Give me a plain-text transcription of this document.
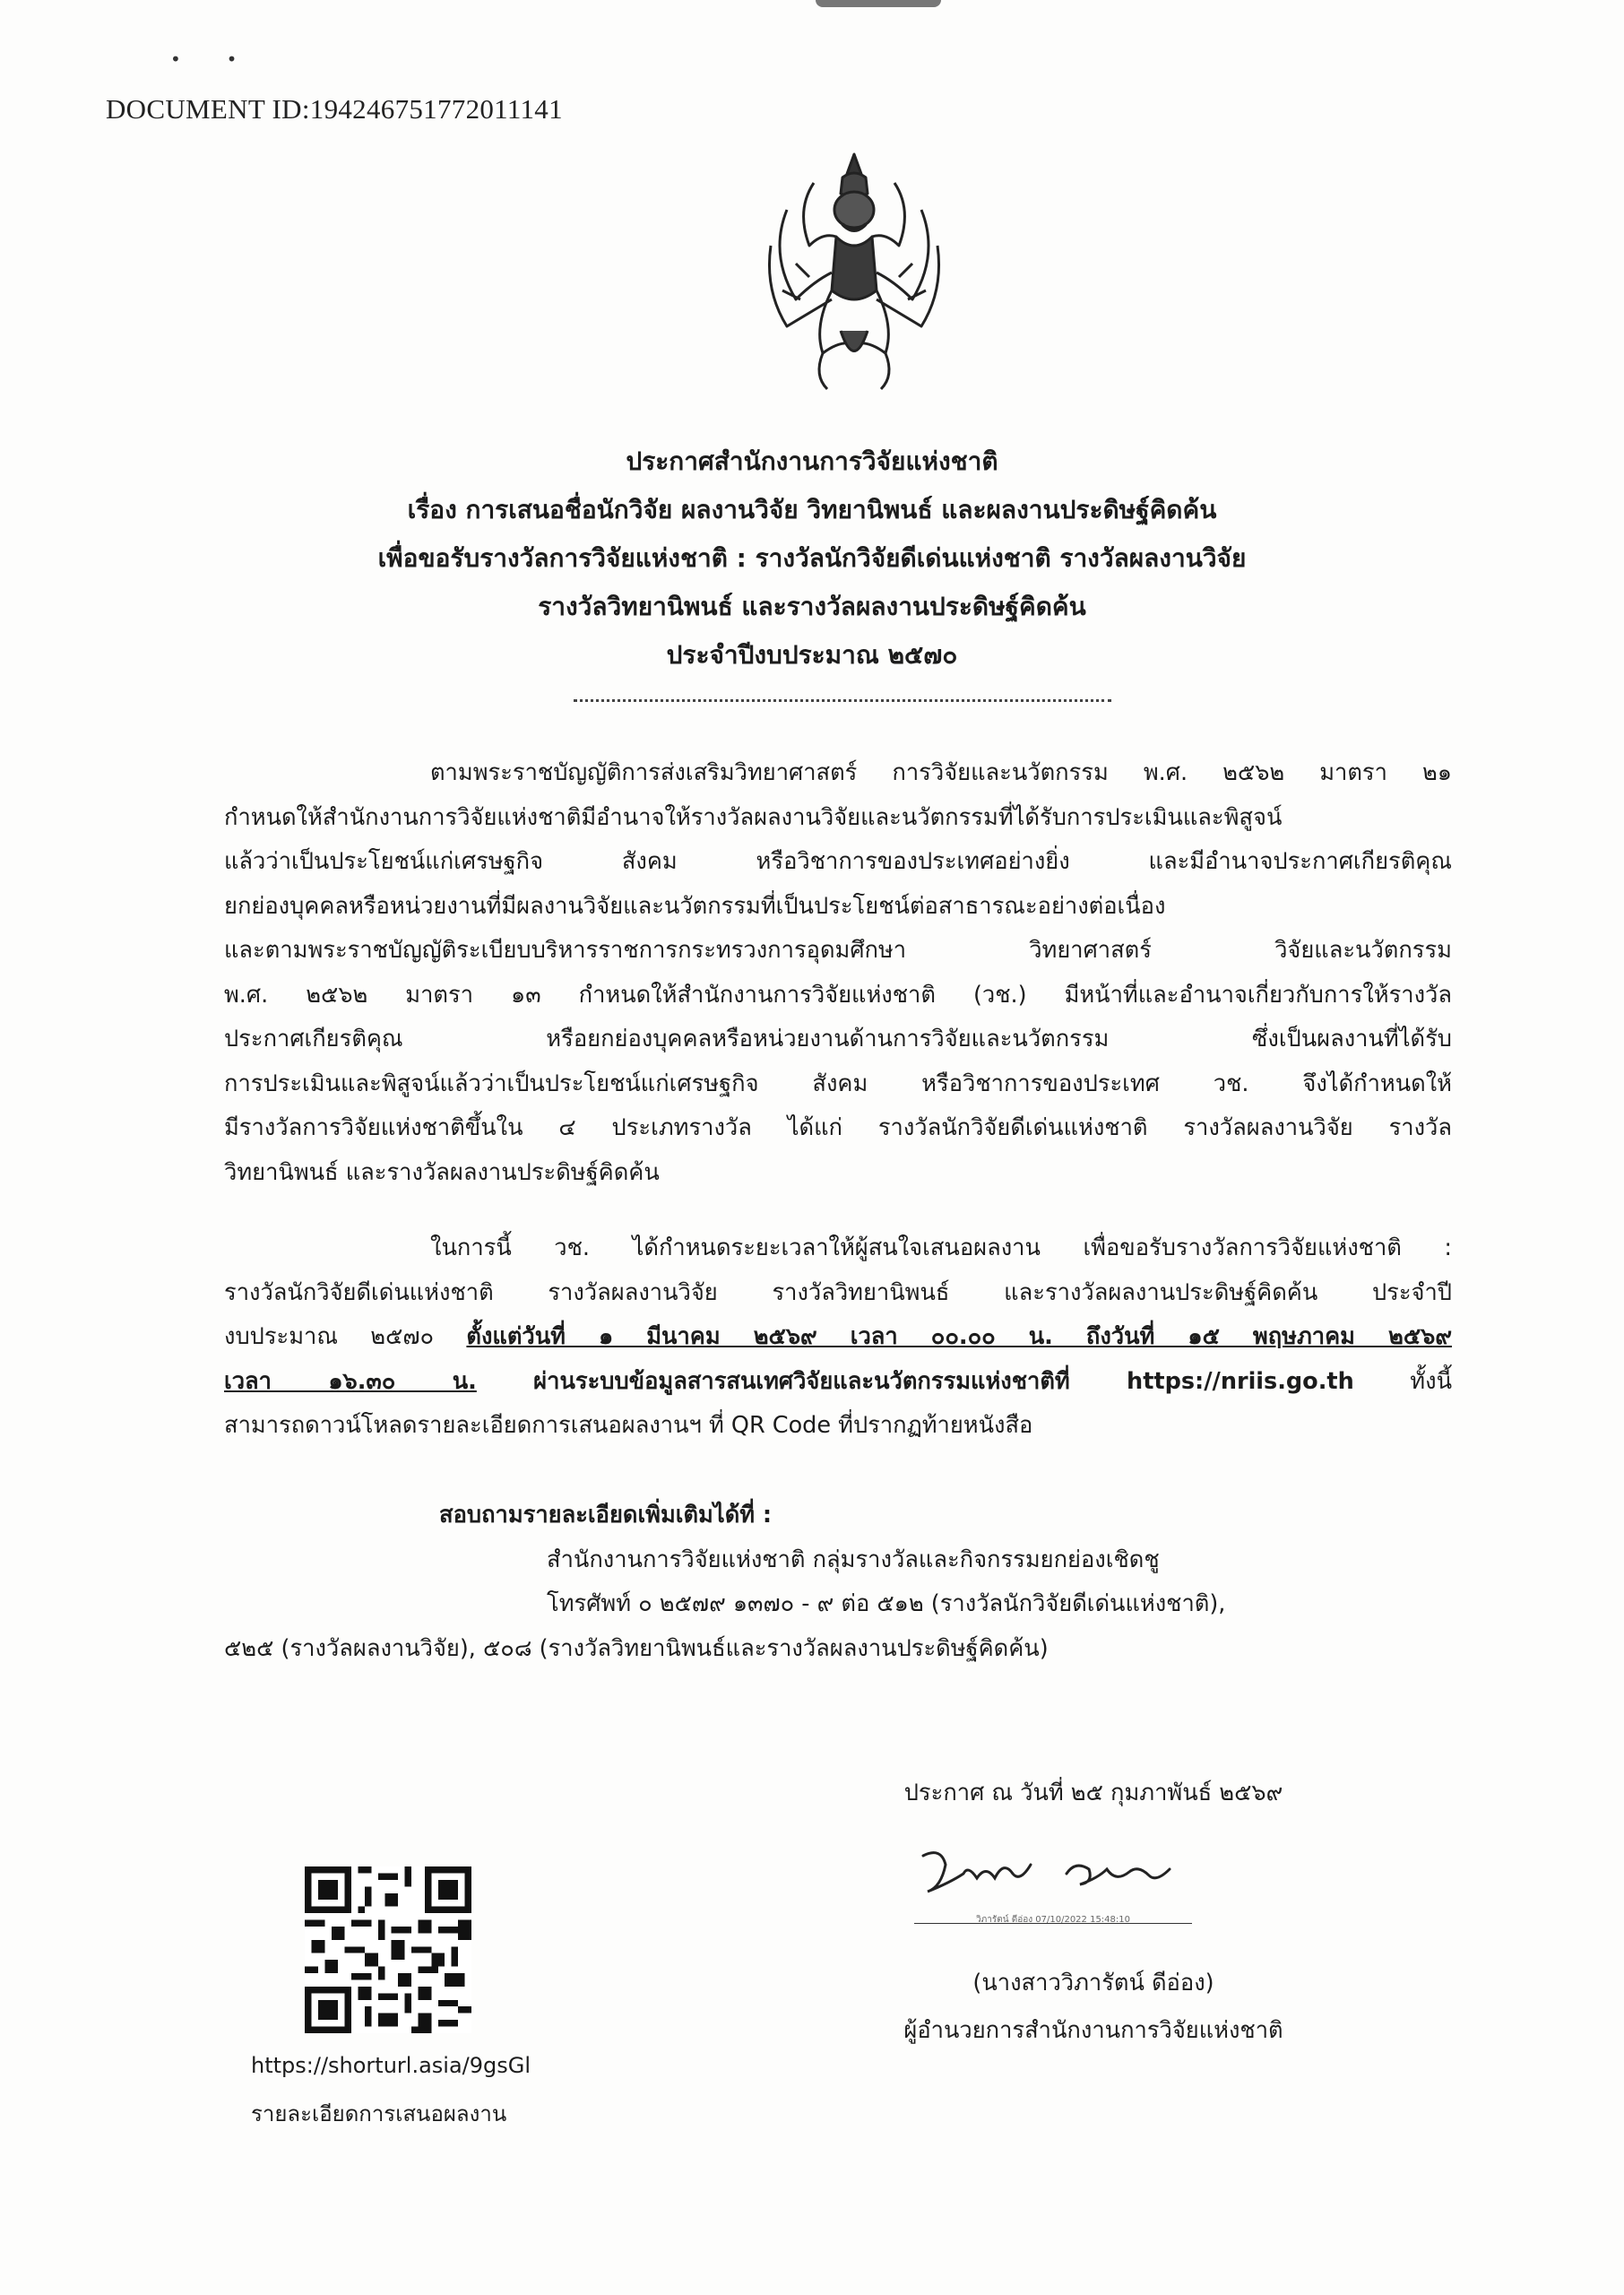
•        •
DOCUMENT ID:194246751772011141
ประกาศสำนักงานการวิจัยแห่งชาติ
เรื่อง การเสนอชื่อนักวิจัย ผลงานวิจัย วิทยานิพนธ์ และผลงานประดิษฐ์คิดค้น
เพื่อขอรับรางวัลการวิจัยแห่งชาติ : รางวัลนักวิจัยดีเด่นแห่งชาติ รางวัลผลงานวิจัย
รางวัลวิทยานิพนธ์ และรางวัลผลงานประดิษฐ์คิดค้น
ประจำปีงบประมาณ ๒๕๗๐
ตามพระราชบัญญัติการส่งเสริมวิทยาศาสตร์ การวิจัยและนวัตกรรม พ.ศ. ๒๕๖๒ มาตรา ๒๑
กำหนดให้สำนักงานการวิจัยแห่งชาติมีอำนาจให้รางวัลผลงานวิจัยและนวัตกรรมที่ได้รับการประเมินและพิสูจน์
แล้วว่าเป็นประโยชน์แก่เศรษฐกิจ สังคม หรือวิชาการของประเทศอย่างยิ่ง และมีอำนาจประกาศเกียรติคุณ
ยกย่องบุคคลหรือหน่วยงานที่มีผลงานวิจัยและนวัตกรรมที่เป็นประโยชน์ต่อสาธารณะอย่างต่อเนื่อง
และตามพระราชบัญญัติระเบียบบริหารราชการกระทรวงการอุดมศึกษา วิทยาศาสตร์ วิจัยและนวัตกรรม
พ.ศ. ๒๕๖๒ มาตรา ๑๓ กำหนดให้สำนักงานการวิจัยแห่งชาติ (วช.) มีหน้าที่และอำนาจเกี่ยวกับการให้รางวัล
ประกาศเกียรติคุณ หรือยกย่องบุคคลหรือหน่วยงานด้านการวิจัยและนวัตกรรม ซึ่งเป็นผลงานที่ได้รับ
การประเมินและพิสูจน์แล้วว่าเป็นประโยชน์แก่เศรษฐกิจ สังคม หรือวิชาการของประเทศ วช. จึงได้กำหนดให้
มีรางวัลการวิจัยแห่งชาติขึ้นใน ๔ ประเภทรางวัล ได้แก่ รางวัลนักวิจัยดีเด่นแห่งชาติ รางวัลผลงานวิจัย รางวัล
วิทยานิพนธ์ และรางวัลผลงานประดิษฐ์คิดค้น
ในการนี้ วช. ได้กำหนดระยะเวลาให้ผู้สนใจเสนอผลงาน เพื่อขอรับรางวัลการวิจัยแห่งชาติ :
รางวัลนักวิจัยดีเด่นแห่งชาติ รางวัลผลงานวิจัย รางวัลวิทยานิพนธ์ และรางวัลผลงานประดิษฐ์คิดค้น ประจำปี
งบประมาณ ๒๕๗๐ ตั้งแต่วันที่ ๑ มีนาคม ๒๕๖๙ เวลา ๐๐.๐๐ น. ถึงวันที่ ๑๕ พฤษภาคม ๒๕๖๙
เวลา ๑๖.๓๐ น. ผ่านระบบข้อมูลสารสนเทศวิจัยและนวัตกรรมแห่งชาติที่ https://nriis.go.th ทั้งนี้
สามารถดาวน์โหลดรายละเอียดการเสนอผลงานฯ ที่ QR Code ที่ปรากฏท้ายหนังสือ
สอบถามรายละเอียดเพิ่มเติมได้ที่ :
สำนักงานการวิจัยแห่งชาติ กลุ่มรางวัลและกิจกรรมยกย่องเชิดชู
โทรศัพท์ ๐ ๒๕๗๙ ๑๓๗๐ - ๙ ต่อ ๕๑๒ (รางวัลนักวิจัยดีเด่นแห่งชาติ),
๕๒๕ (รางวัลผลงานวิจัย), ๕๐๘ (รางวัลวิทยานิพนธ์และรางวัลผลงานประดิษฐ์คิดค้น)
ประกาศ ณ วันที่ ๒๕ กุมภาพันธ์ ๒๕๖๙
วิภารัตน์ ดีอ่อง 07/10/2022 15:48:10
(นางสาววิภารัตน์ ดีอ่อง)
ผู้อำนวยการสำนักงานการวิจัยแห่งชาติ
https://shorturl.asia/9gsGl
รายละเอียดการเสนอผลงาน
